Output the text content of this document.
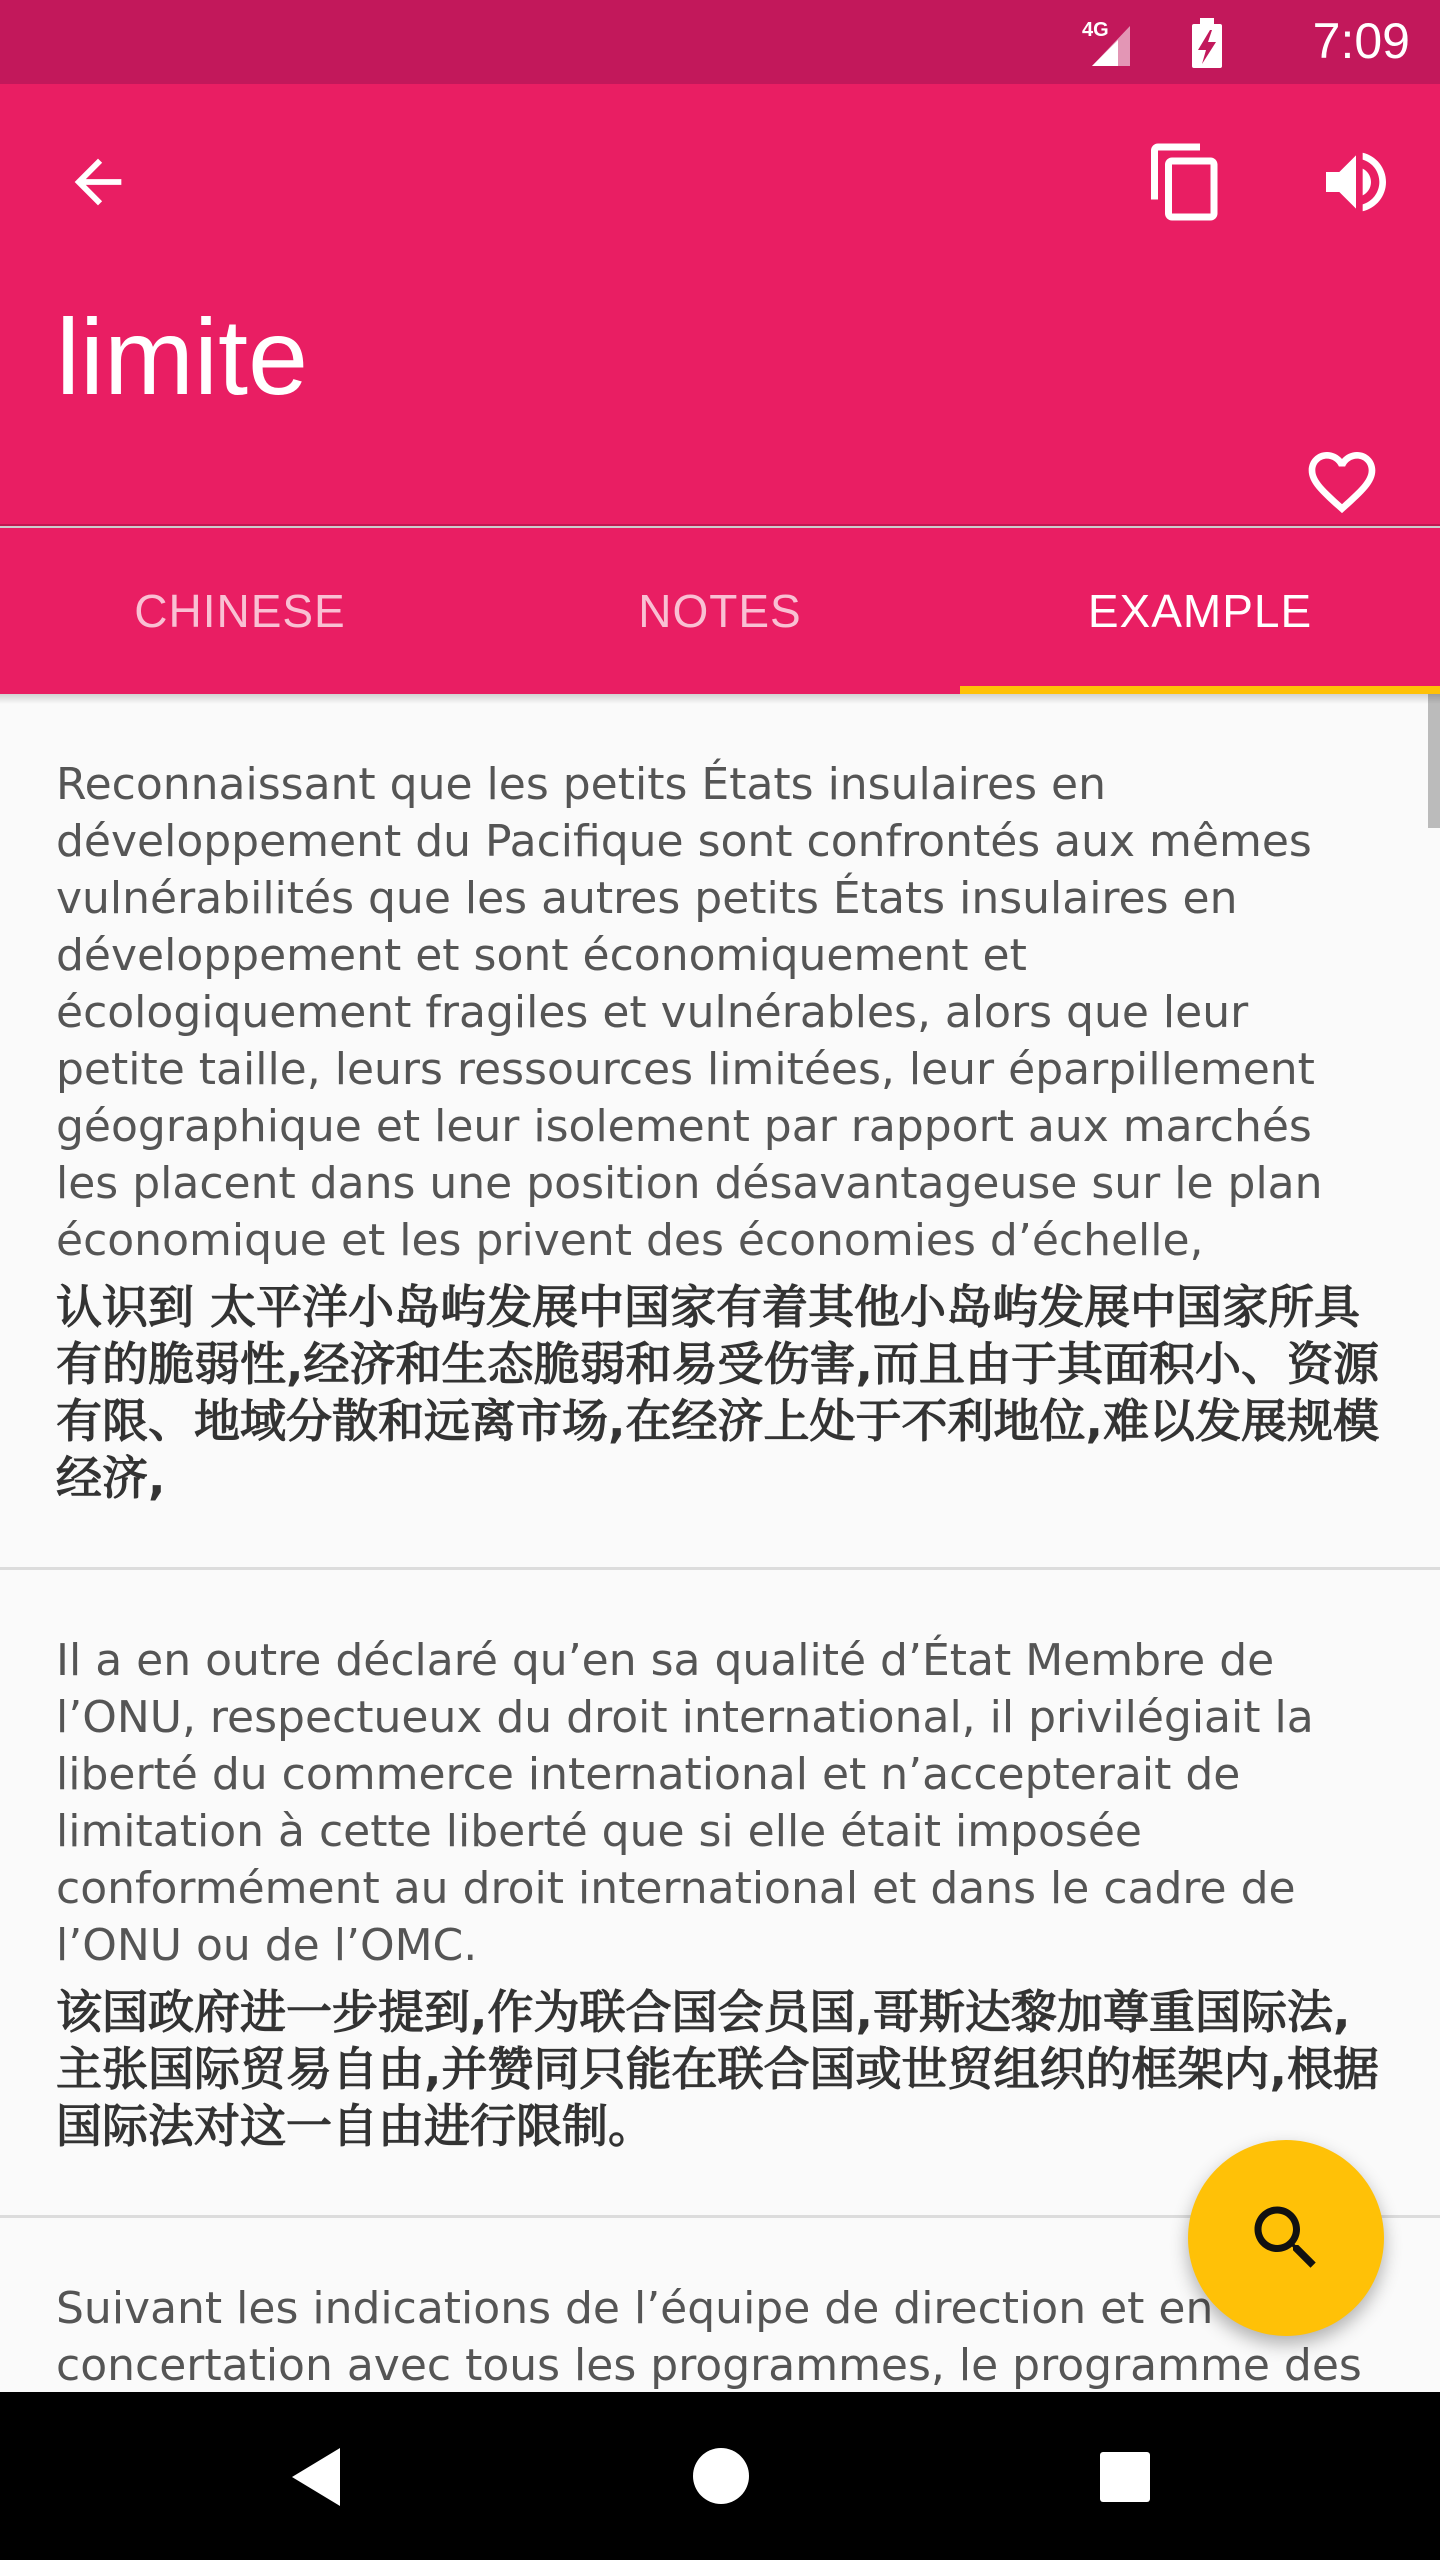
4G	7:09
limite
CHINESE	NOTES	EXAMPLE
Reconnaissant que les petits États insulaires en développement du Pacifique sont confrontés aux mêmes vulnérabilités que les autres petits États insulaires en développement et sont économiquement et écologiquement fragiles et vulnérables, alors que leur petite taille, leurs ressources limitées, leur éparpillement géographique et leur isolement par rapport aux marchés les placent dans une position désavantageuse sur le plan économique et les privent des économies d’échelle,
认识到 太平洋小岛屿发展中国家有着其他小岛屿发展中国家所具有的脆弱性,经济和生态脆弱和易受伤害,而且由于其面积小、资源有限、地域分散和远离市场,在经济上处于不利地位,难以发展规模经济,
Il a en outre déclaré qu’en sa qualité d’État Membre de l’ONU, respectueux du droit international, il privilégiait la liberté du commerce international et n’accepterait de limitation à cette liberté que si elle était imposée conformément au droit international et dans le cadre de l’ONU ou de l’OMC.
该国政府进一步提到,作为联合国会员国,哥斯达黎加尊重国际法,主张国际贸易自由,并赞同只能在联合国或世贸组织的框架内,根据国际法对这一自由进行限制。
Suivant les indications de l’équipe de direction et en concertation avec tous les programmes, le programme des
